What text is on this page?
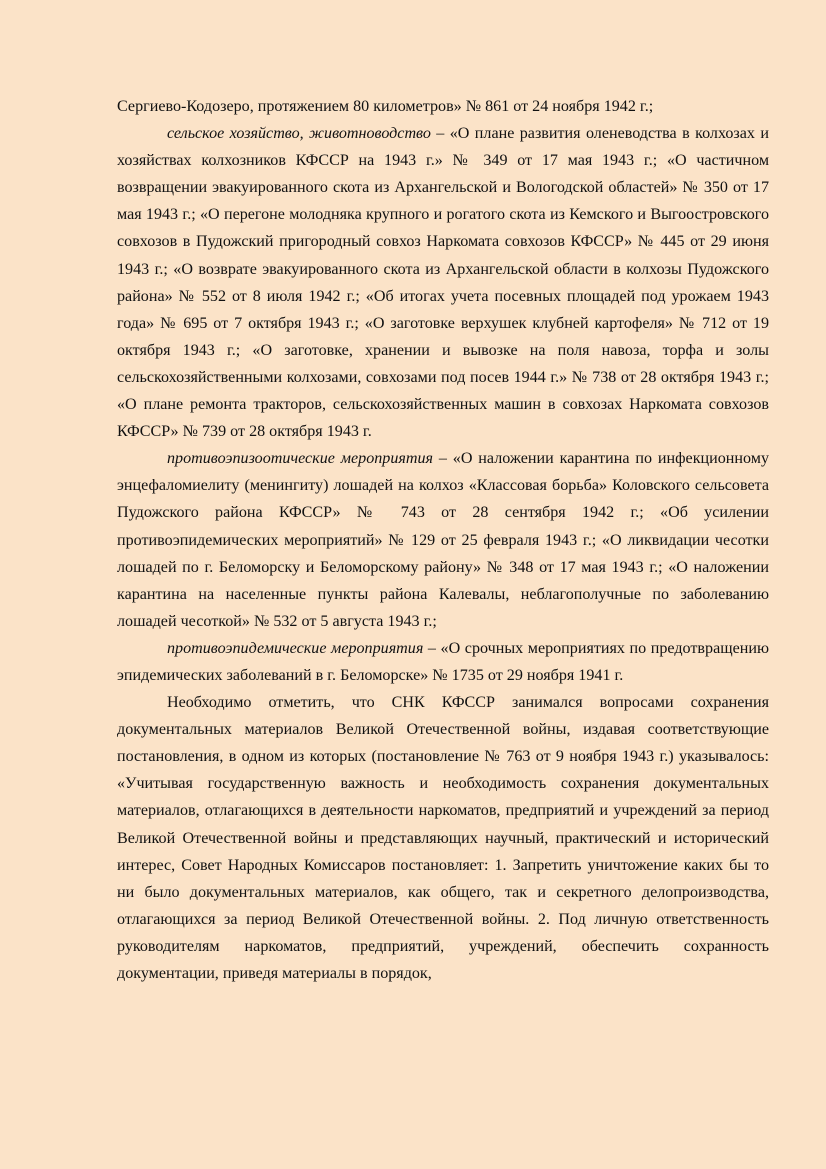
Сергиево-Кодозеро, протяжением 80 километров» № 861 от 24 ноября 1942 г.;

сельское хозяйство, животноводство – «О плане развития оленеводства в колхозах и хозяйствах колхозников КФССР на 1943 г.» № 349 от 17 мая 1943 г.; «О частичном возвращении эвакуированного скота из Архангельской и Вологодской областей» № 350 от 17 мая 1943 г.; «О перегоне молодняка крупного и рогатого скота из Кемского и Выгоостровского совхозов в Пудожский пригородный совхоз Наркомата совхозов КФССР» № 445 от 29 июня 1943 г.; «О возврате эвакуированного скота из Архангельской области в колхозы Пудожского района» № 552 от 8 июля 1942 г.; «Об итогах учета посевных площадей под урожаем 1943 года» № 695 от 7 октября 1943 г.; «О заготовке верхушек клубней картофеля» № 712 от 19 октября 1943 г.; «О заготовке, хранении и вывозке на поля навоза, торфа и золы сельскохозяйственными колхозами, совхозами под посев 1944 г.» № 738 от 28 октября 1943 г.; «О плане ремонта тракторов, сельскохозяйственных машин в совхозах Наркомата совхозов КФССР» № 739 от 28 октября 1943 г.

противоэпизоотические мероприятия – «О наложении карантина по инфекционному энцефаломиелиту (менингиту) лошадей на колхоз «Классовая борьба» Коловского сельсовета Пудожского района КФССР» № 743 от 28 сентября 1942 г.; «Об усилении противоэпидемических мероприятий» № 129 от 25 февраля 1943 г.; «О ликвидации чесотки лошадей по г. Беломорску и Беломорскому району» № 348 от 17 мая 1943 г.; «О наложении карантина на населенные пункты района Калевалы, неблагополучные по заболеванию лошадей чесоткой» № 532 от 5 августа 1943 г.;

противоэпидемические мероприятия – «О срочных мероприятиях по предотвращению эпидемических заболеваний в г. Беломорске» № 1735 от 29 ноября 1941 г.

Необходимо отметить, что СНК КФССР занимался вопросами сохранения документальных материалов Великой Отечественной войны, издавая соответствующие постановления, в одном из которых (постановление № 763 от 9 ноября 1943 г.) указывалось: «Учитывая государственную важность и необходимость сохранения документальных материалов, отлагающихся в деятельности наркоматов, предприятий и учреждений за период Великой Отечественной войны и представляющих научный, практический и исторический интерес, Совет Народных Комиссаров постановляет: 1. Запретить уничтожение каких бы то ни было документальных материалов, как общего, так и секретного делопроизводства, отлагающихся за период Великой Отечественной войны. 2. Под личную ответственность руководителям наркоматов, предприятий, учреждений, обеспечить сохранность документации, приведя материалы в порядок,
